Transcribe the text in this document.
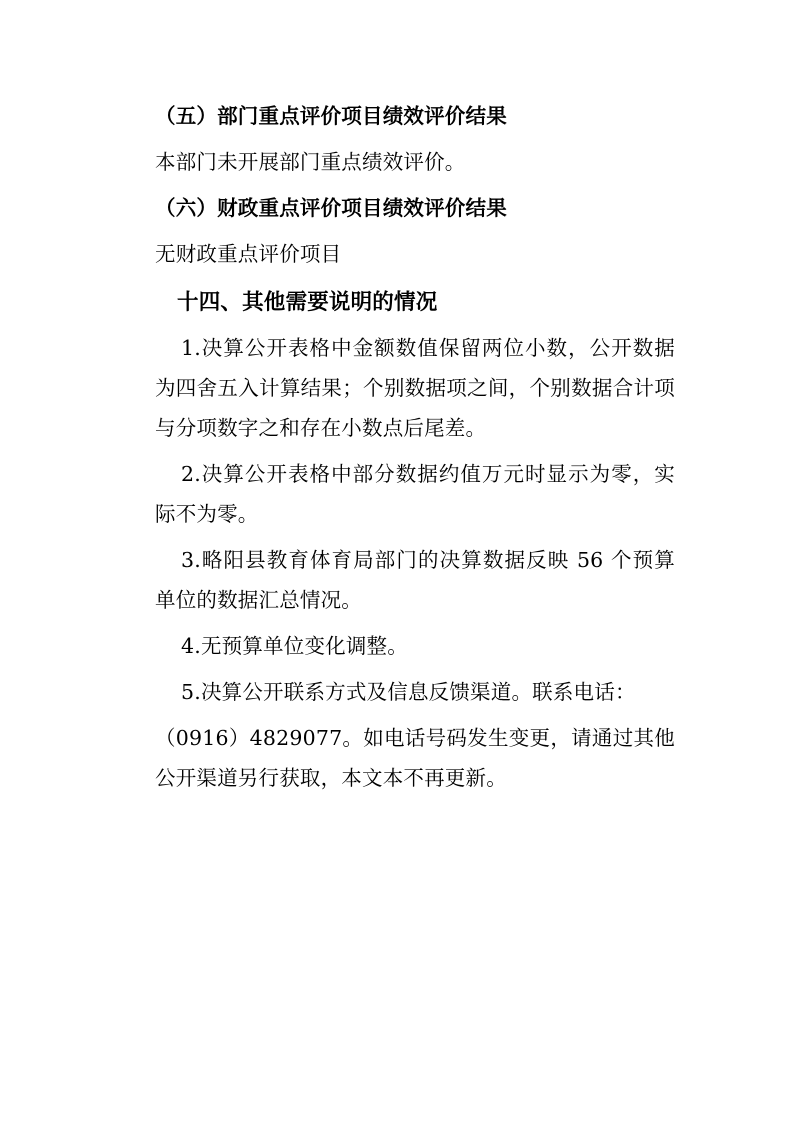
（五）部门重点评价项目绩效评价结果

本部门未开展部门重点绩效评价。

（六）财政重点评价项目绩效评价结果

无财政重点评价项目

十四、其他需要说明的情况

1.决算公开表格中金额数值保留两位小数，公开数据为四舍五入计算结果；个别数据项之间，个别数据合计项与分项数字之和存在小数点后尾差。

2.决算公开表格中部分数据约值万元时显示为零，实际不为零。

3.略阳县教育体育局部门的决算数据反映 56 个预算单位的数据汇总情况。

4.无预算单位变化调整。

5.决算公开联系方式及信息反馈渠道。联系电话：

（0916）4829077。如电话号码发生变更，请通过其他公开渠道另行获取，本文本不再更新。
